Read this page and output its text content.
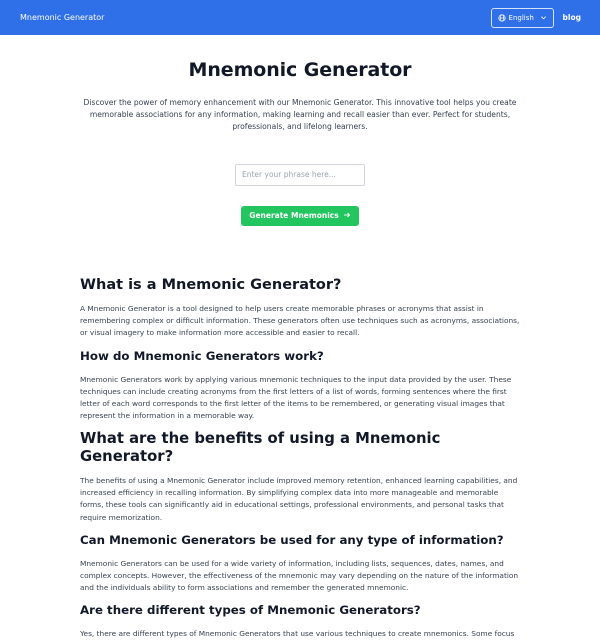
Mnemonic Generator	English	blog
Mnemonic Generator

Discover the power of memory enhancement with our Mnemonic Generator. This innovative tool helps you create memorable associations for any information, making learning and recall easier than ever. Perfect for students, professionals, and lifelong learners.

Enter your phrase here...
Generate Mnemonics
What is a Mnemonic Generator?

A Mnemonic Generator is a tool designed to help users create memorable phrases or acronyms that assist in remembering complex or difficult information. These generators often use techniques such as acronyms, associations, or visual imagery to make information more accessible and easier to recall.

How do Mnemonic Generators work?

Mnemonic Generators work by applying various mnemonic techniques to the input data provided by the user. These techniques can include creating acronyms from the first letters of a list of words, forming sentences where the first letter of each word corresponds to the first letter of the items to be remembered, or generating visual images that represent the information in a memorable way.

What are the benefits of using a Mnemonic Generator?

The benefits of using a Mnemonic Generator include improved memory retention, enhanced learning capabilities, and increased efficiency in recalling information. By simplifying complex data into more manageable and memorable forms, these tools can significantly aid in educational settings, professional environments, and personal tasks that require memorization.

Can Mnemonic Generators be used for any type of information?

Mnemonic Generators can be used for a wide variety of information, including lists, sequences, dates, names, and complex concepts. However, the effectiveness of the mnemonic may vary depending on the nature of the information and the individuals ability to form associations and remember the generated mnemonic.

Are there different types of Mnemonic Generators?

Yes, there are different types of Mnemonic Generators that use various techniques to create mnemonics. Some focus
